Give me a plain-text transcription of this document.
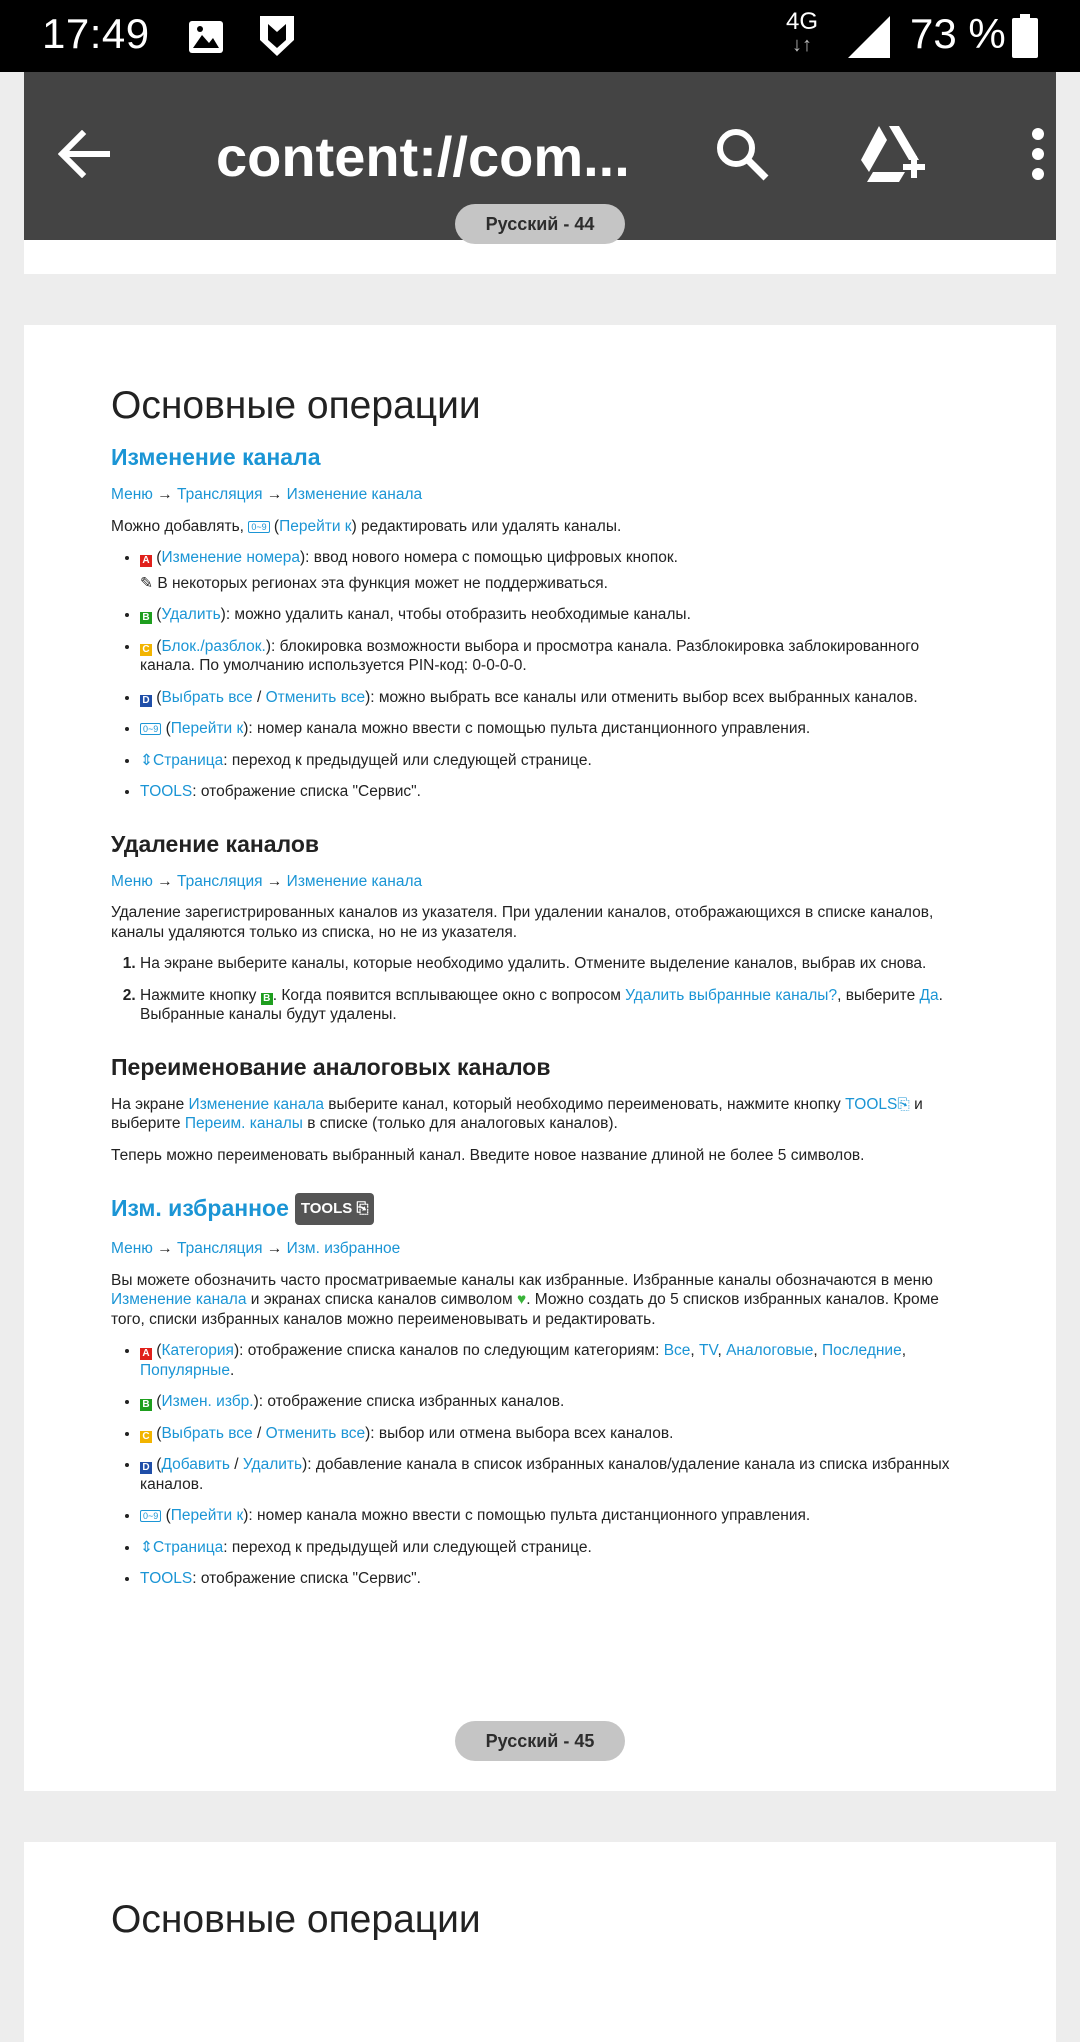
17:49	4G
↓↑ 73 %
content://com...
Русский - 44
Основные операции
Изменение канала

Меню → Трансляция → Изменение канала

Можно добавлять, 0~9 (Перейти к) редактировать или удалять каналы.

• A (Изменение номера): ввод нового номера с помощью цифровых кнопок.

✎ В некоторых регионах эта функция может не поддерживаться.

• B (Удалить): можно удалить канал, чтобы отобразить необходимые каналы.
• C (Блок./разблок.): блокировка возможности выбора и просмотра канала. Разблокировка заблокированного канала. По умолчанию используется PIN-код: 0-0-0-0.
• D (Выбрать все / Отменить все): можно выбрать все каналы или отменить выбор всех выбранных каналов.
• 0~9 (Перейти к): номер канала можно ввести с помощью пульта дистанционного управления.
• ⇕Страница: переход к предыдущей или следующей странице.
• TOOLS: отображение списка "Сервис".
Удаление каналов

Меню → Трансляция → Изменение канала

Удаление зарегистрированных каналов из указателя. При удалении каналов, отображающихся в списке каналов, каналы удаляются только из списка, но не из указателя.

1. На экране выберите каналы, которые необходимо удалить. Отмените выделение каналов, выбрав их снова.
2. Нажмите кнопку B . Когда появится всплывающее окно с вопросом Удалить выбранные каналы?, выберите Да. Выбранные каналы будут удалены.
Переименование аналоговых каналов

На экране Изменение канала выберите канал, который необходимо переименовать, нажмите кнопку TOOLS⎘ и выберите Переим. каналы в списке (только для аналоговых каналов).

Теперь можно переименовать выбранный канал. Введите новое название длиной не более 5 символов.

Изм. избранное TOOLS ⎘

Меню → Трансляция → Изм. избранное

Вы можете обозначить часто просматриваемые каналы как избранные. Избранные каналы обозначаются в меню Изменение канала и экранах списка каналов символом ♥. Можно создать до 5 списков избранных каналов. Кроме того, списки избранных каналов можно переименовывать и редактировать.

• A (Категория): отображение списка каналов по следующим категориям: Все, TV, Аналоговые, Последние, Популярные.
• B (Измен. избр.): отображение списка избранных каналов.
• C (Выбрать все / Отменить все): выбор или отмена выбора всех каналов.
• D (Добавить / Удалить): добавление канала в список избранных каналов/удаление канала из списка избранных каналов.
• 0~9 (Перейти к): номер канала можно ввести с помощью пульта дистанционного управления.
• ⇕Страница: переход к предыдущей или следующей странице.
• TOOLS: отображение списка "Сервис".
Русский - 45
Основные операции
